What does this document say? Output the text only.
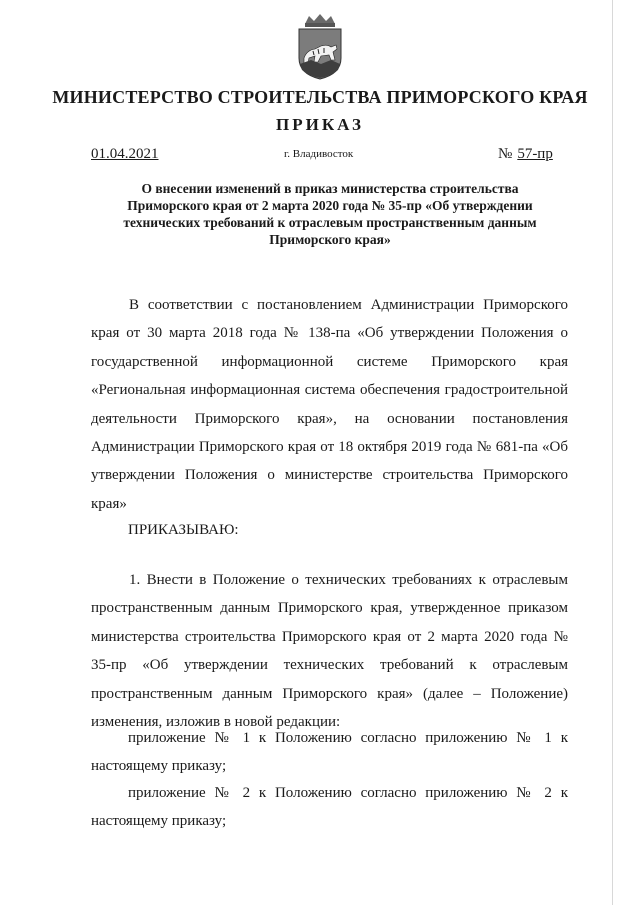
МИНИСТЕРСТВО СТРОИТЕЛЬСТВА ПРИМОРСКОГО КРАЯ
ПРИКАЗ
01.04.2021	г. Владивосток	№ 57-пр
О внесении изменений в приказ министерства строительства Приморского края от 2 марта 2020 года № 35-пр «Об утверждении технических требований к отраслевым пространственным данным Приморского края»
В соответствии с постановлением Администрации Приморского края от 30 марта 2018 года № 138-па «Об утверждении Положения о государственной информационной системе Приморского края «Региональная информационная система обеспечения градостроительной деятельности Приморского края», на основании постановления Администрации Приморского края от 18 октября 2019 года № 681-па «Об утверждении Положения о министерстве строительства Приморского края»
ПРИКАЗЫВАЮ:
1. Внести в Положение о технических требованиях к отраслевым пространственным данным Приморского края, утвержденное приказом министерства строительства Приморского края от 2 марта 2020 года № 35-пр «Об утверждении технических требований к отраслевым пространственным данным Приморского края» (далее – Положение) изменения, изложив в новой редакции:
приложение № 1 к Положению согласно приложению № 1 к настоящему приказу;
приложение № 2 к Положению согласно приложению № 2 к настоящему приказу;
